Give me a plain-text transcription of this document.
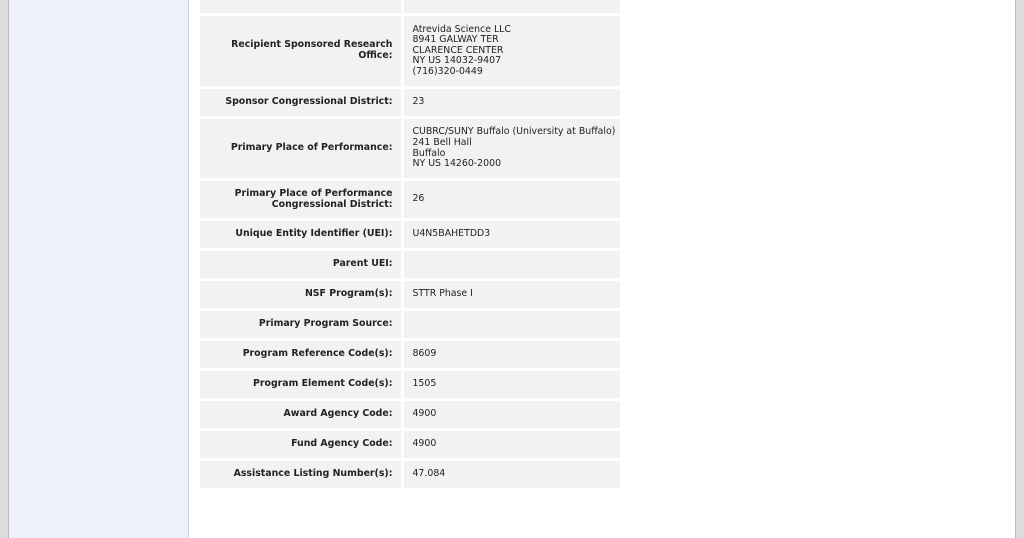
Recipient Sponsored Research Office:	Atrevida Science LLC
8941 GALWAY TER
CLARENCE CENTER
NY US 14032-9407
(716)320-0449

Sponsor Congressional District:	23

Primary Place of Performance:	CUBRC/SUNY Buffalo (University at Buffalo)
241 Bell Hall
Buffalo
NY US 14260-2000

Primary Place of Performance Congressional District:	26

Unique Entity Identifier (UEI):	U4N5BAHETDD3

Parent UEI:	
NSF Program(s):	STTR Phase I

Primary Program Source:	
Program Reference Code(s):	8609

Program Element Code(s):	1505

Award Agency Code:	4900

Fund Agency Code:	4900

Assistance Listing Number(s):	47.084
